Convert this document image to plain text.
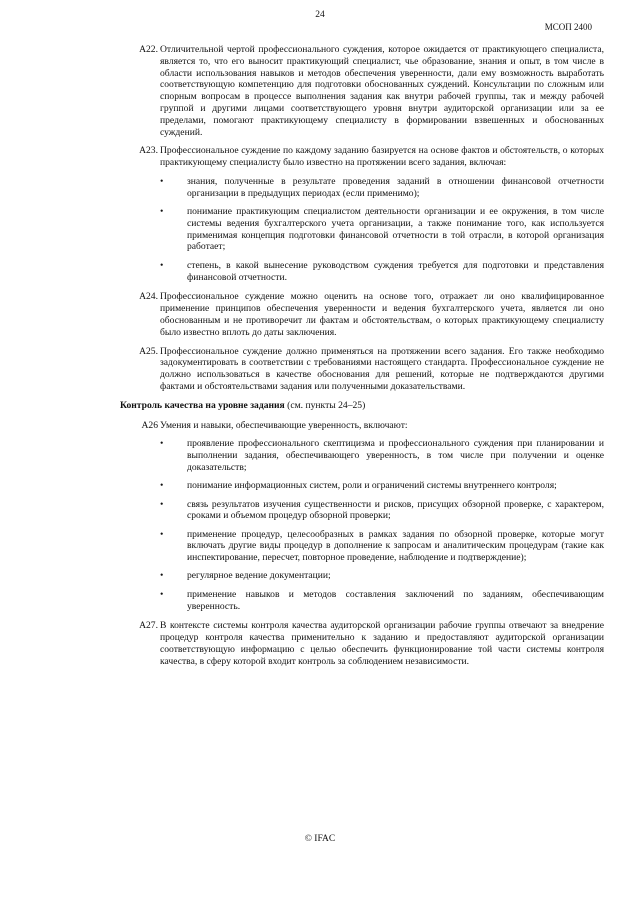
24
МСОП 2400
A22. Отличительной чертой профессионального суждения, которое ожидается от практикующего специалиста, является то, что его выносит практикующий специалист, чье образование, знания и опыт, в том числе в области использования навыков и методов обеспечения уверенности, дали ему возможность выработать соответствующую компетенцию для подготовки обоснованных суждений. Консультации по сложным или спорным вопросам в процессе выполнения задания как внутри рабочей группы, так и между рабочей группой и другими лицами соответствующего уровня внутри аудиторской организации или за ее пределами, помогают практикующему специалисту в формировании взвешенных и обоснованных суждений.
A23. Профессиональное суждение по каждому заданию базируется на основе фактов и обстоятельств, о которых практикующему специалисту было известно на протяжении всего задания, включая:
• знания, полученные в результате проведения заданий в отношении финансовой отчетности организации в предыдущих периодах (если применимо);
• понимание практикующим специалистом деятельности организации и ее окружения, в том числе системы ведения бухгалтерского учета организации, а также понимание того, как используется применимая концепция подготовки финансовой отчетности в той отрасли, в которой организация работает;
• степень, в какой вынесение руководством суждения требуется для подготовки и представления финансовой отчетности.
A24. Профессиональное суждение можно оценить на основе того, отражает ли оно квалифицированное применение принципов обеспечения уверенности и ведения бухгалтерского учета, является ли оно обоснованным и не противоречит ли фактам и обстоятельствам, о которых практикующему специалисту было известно вплоть до даты заключения.
A25. Профессиональное суждение должно применяться на протяжении всего задания. Его также необходимо задокументировать в соответствии с требованиями настоящего стандарта. Профессиональное суждение не должно использоваться в качестве обоснования для решений, которые не подтверждаются другими фактами и обстоятельствами задания или полученными доказательствами.
Контроль качества на уровне задания (см. пункты 24–25)
A26 Умения и навыки, обеспечивающие уверенность, включают:
• проявление профессионального скептицизма и профессионального суждения при планировании и выполнении задания, обеспечивающего уверенность, в том числе при получении и оценке доказательств;
• понимание информационных систем, роли и ограничений системы внутреннего контроля;
• связь результатов изучения существенности и рисков, присущих обзорной проверке, с характером, сроками и объемом процедур обзорной проверки;
• применение процедур, целесообразных в рамках задания по обзорной проверке, которые могут включать другие виды процедур в дополнение к запросам и аналитическим процедурам (такие как инспектирование, пересчет, повторное проведение, наблюдение и подтверждение);
• регулярное ведение документации;
• применение навыков и методов составления заключений по заданиям, обеспечивающим уверенность.
A27. В контексте системы контроля качества аудиторской организации рабочие группы отвечают за внедрение процедур контроля качества применительно к заданию и предоставляют аудиторской организации соответствующую информацию с целью обеспечить функционирование той части системы контроля качества, в сферу которой входит контроль за соблюдением независимости.
© IFAC
